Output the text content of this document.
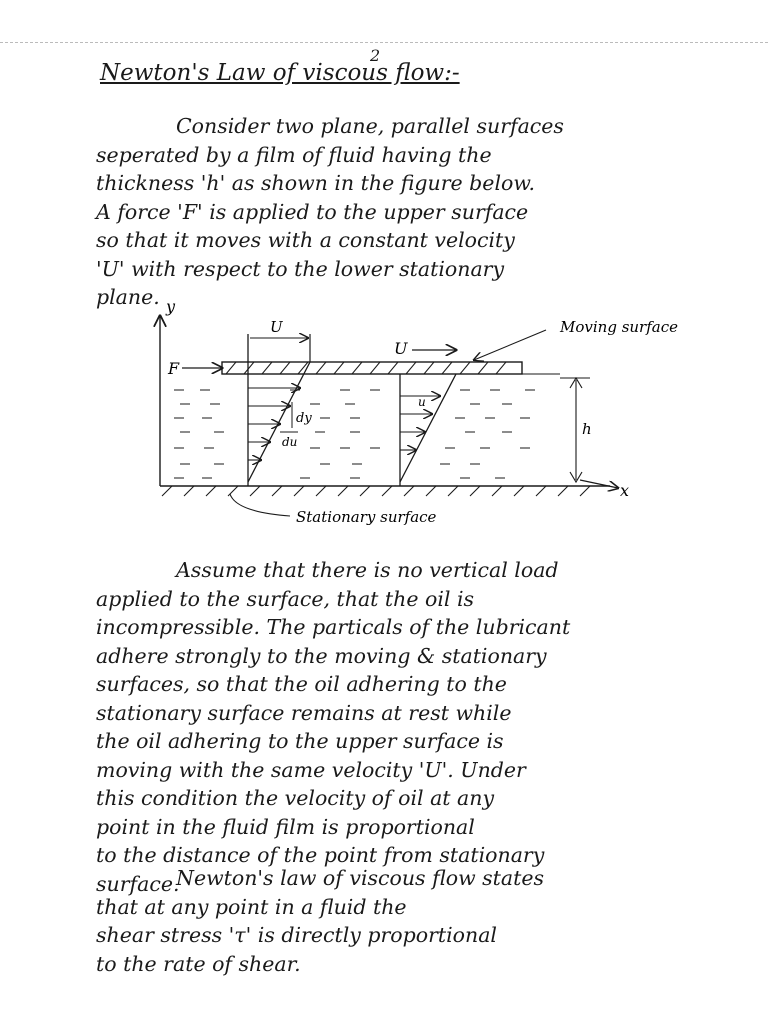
2
Newton's Law of viscous flow:-

Consider two plane, parallel surfaces
seperated by a film of fluid having the
thickness 'h' as shown in the figure below.
A force 'F' is applied to the upper surface
so that it moves with a constant velocity
'U' with respect to the lower stationary
plane. y
x
U
dy
du
u
F
U
Moving surface
h
Stationary surface

Assume that there is no vertical load
applied to the surface, that the oil is
incompressible. The particals of the lubricant
adhere strongly to the moving & stationary
surfaces, so that the oil adhering to the
stationary surface remains at rest while
the oil adhering to the upper surface is
moving with the same velocity 'U'. Under
this condition the velocity of oil at any
point in the fluid film is proportional
to the distance of the point from stationary
surface.

Newton's law of viscous flow states
that at any point in a fluid the
shear stress 'τ' is directly proportional
to the rate of shear.
